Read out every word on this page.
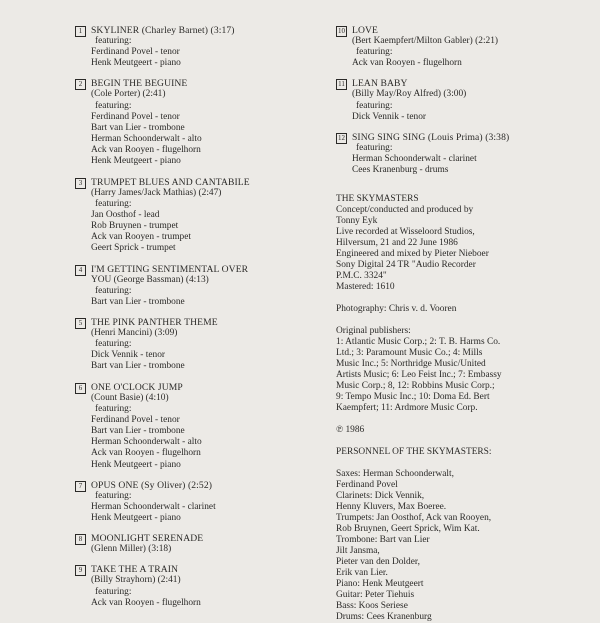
1 SKYLINER (Charley Barnet) (3:17)
featuring:
Ferdinand Povel - tenor
Henk Meutgeert - piano
2 BEGIN THE BEGUINE
(Cole Porter) (2:41)
featuring:
Ferdinand Povel - tenor
Bart van Lier - trombone
Herman Schoonderwalt - alto
Ack van Rooyen - flugelhorn
Henk Meutgeert - piano
3 TRUMPET BLUES AND CANTABILE
(Harry James/Jack Mathias) (2:47)
featuring:
Jan Oosthof - lead
Rob Bruynen - trumpet
Ack van Rooyen - trumpet
Geert Sprick - trumpet
4 I'M GETTING SENTIMENTAL OVER
YOU (George Bassman) (4:13)
featuring:
Bart van Lier - trombone
5 THE PINK PANTHER THEME
(Henri Mancini) (3:09)
featuring:
Dick Vennik - tenor
Bart van Lier - trombone
6 ONE O'CLOCK JUMP
(Count Basie) (4:10)
featuring:
Ferdinand Povel - tenor
Bart van Lier - trombone
Herman Schoonderwalt - alto
Ack van Rooyen - flugelhorn
Henk Meutgeert - piano
7 OPUS ONE (Sy Oliver) (2:52)
featuring:
Herman Schoonderwalt - clarinet
Henk Meutgeert - piano
8 MOONLIGHT SERENADE
(Glenn Miller) (3:18)
9 TAKE THE A TRAIN
(Billy Strayhorn) (2:41)
featuring:
Ack van Rooyen - flugelhorn
10 LOVE
(Bert Kaempfert/Milton Gabler) (2:21)
featuring:
Ack van Rooyen - flugelhorn
11 LEAN BABY
(Billy May/Roy Alfred) (3:00)
featuring:
Dick Vennik - tenor
12 SING SING SING (Louis Prima) (3:38)
featuring:
Herman Schoonderwalt - clarinet
Cees Kranenburg - drums
THE SKYMASTERS
Concept/conducted and produced by
Tonny Eyk
Live recorded at Wisseloord Studios,
Hilversum, 21 and 22 June 1986
Engineered and mixed by Pieter Nieboer
Sony Digital 24 TR "Audio Recorder
P.M.C. 3324"
Mastered: 1610
Photography: Chris v. d. Vooren
Original publishers:
1: Atlantic Music Corp.; 2: T. B. Harms Co.
Ltd.; 3: Paramount Music Co.; 4: Mills
Music Inc.; 5: Northridge Music/United
Artists Music; 6: Leo Feist Inc.; 7: Embassy
Music Corp.; 8, 12: Robbins Music Corp.;
9: Tempo Music Inc.; 10: Doma Ed. Bert
Kaempfert; 11: Ardmore Music Corp.
℗ 1986
PERSONNEL OF THE SKYMASTERS:
Saxes: Herman Schoonderwalt,
Ferdinand Povel
Clarinets: Dick Vennik,
Henny Kluvers, Max Boeree.
Trumpets: Jan Oosthof, Ack van Rooyen,
Rob Bruynen, Geert Sprick, Wim Kat.
Trombone: Bart van Lier
Jilt Jansma,
Pieter van den Dolder,
Erik van Lier.
Piano: Henk Meutgeert
Guitar: Peter Tiehuis
Bass: Koos Seriese
Drums: Cees Kranenburg
